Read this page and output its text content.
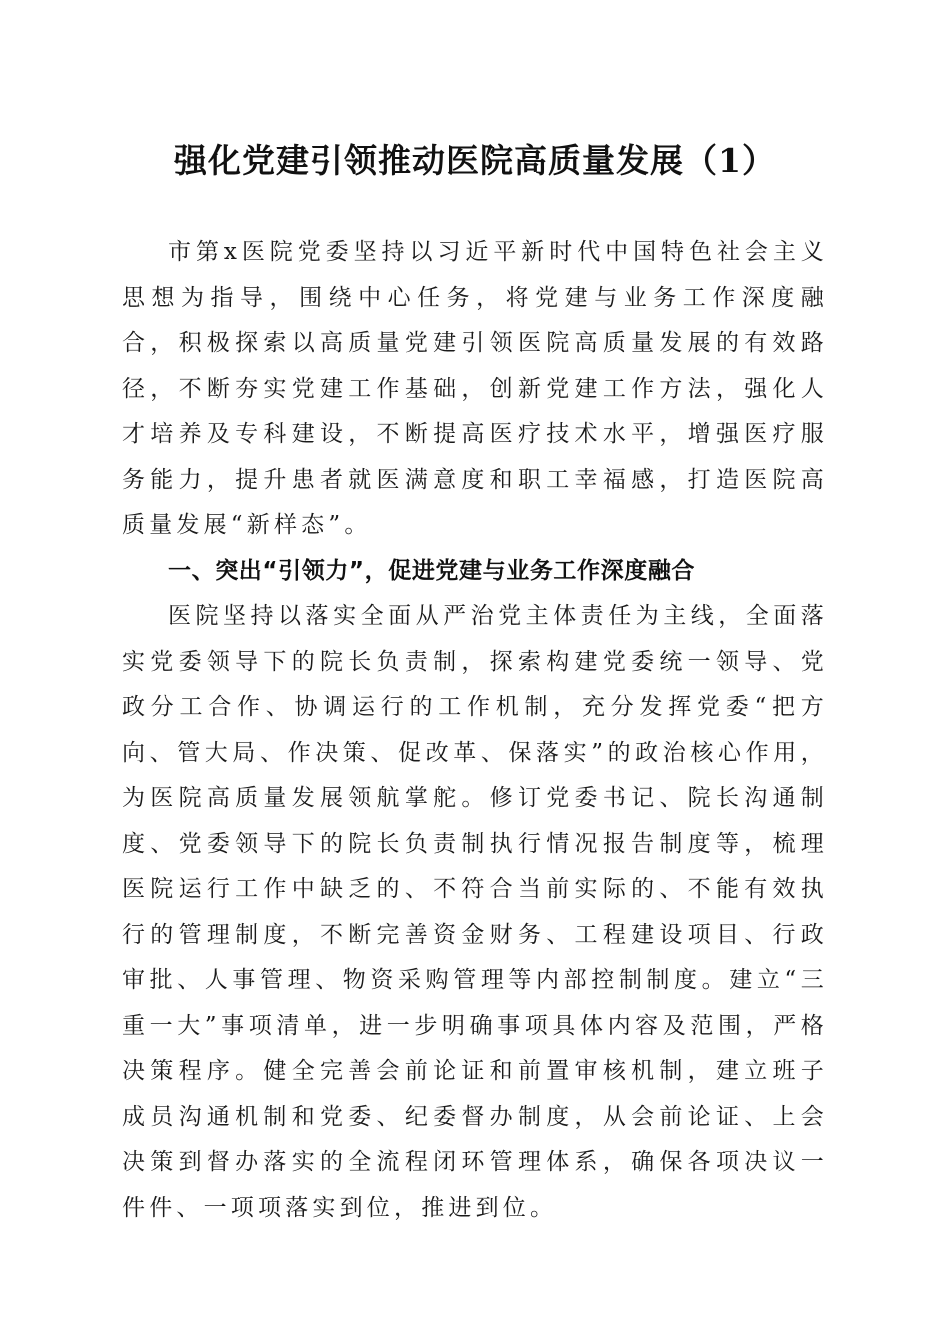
强化党建引领推动医院高质量发展（1）

市第x医院党委坚持以习近平新时代中国特色社会主义思想为指导，围绕中心任务，将党建与业务工作深度融合，积极探索以高质量党建引领医院高质量发展的有效路径，不断夯实党建工作基础，创新党建工作方法，强化人才培养及专科建设，不断提高医疗技术水平，增强医疗服务能力，提升患者就医满意度和职工幸福感，打造医院高质量发展“新样态”。

一、突出“引领力”，促进党建与业务工作深度融合

医院坚持以落实全面从严治党主体责任为主线，全面落实党委领导下的院长负责制，探索构建党委统一领导、党政分工合作、协调运行的工作机制，充分发挥党委“把方向、管大局、作决策、促改革、保落实”的政治核心作用，为医院高质量发展领航掌舵。修订党委书记、院长沟通制度、党委领导下的院长负责制执行情况报告制度等，梳理医院运行工作中缺乏的、不符合当前实际的、不能有效执行的管理制度，不断完善资金财务、工程建设项目、行政审批、人事管理、物资采购管理等内部控制制度。建立“三重一大”事项清单，进一步明确事项具体内容及范围，严格决策程序。健全完善会前论证和前置审核机制，建立班子成员沟通机制和党委、纪委督办制度，从会前论证、上会决策到督办落实的全流程闭环管理体系，确保各项决议一件件、一项项落实到位，推进到位。
